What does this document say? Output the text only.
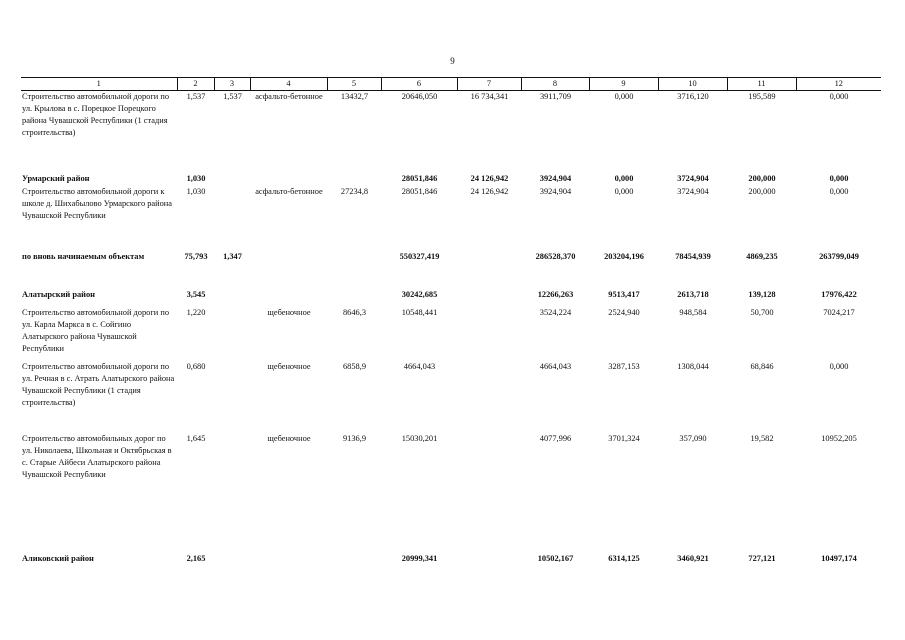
9
1	2	3	4	5	6	7	8	9	10	11	12
Строительство автомобильной дороги по ул. Крылова в с. Порецкое Порецкого района Чувашской Республики (1 стадия строительства)	1,537	1,537	асфальто-бетонное	13432,7	20646,050	16 734,341	3911,709	0,000	3716,120	195,589	0,000

Урмарский район	1,030				28051,846	24 126,942	3924,904	0,000	3724,904	200,000	0,000
Строительство автомобильной дороги к школе д. Шихабылово Урмарского района Чувашской Республики	1,030		асфальто-бетонное	27234,8	28051,846	24 126,942	3924,904	0,000	3724,904	200,000	0,000

по вновь начинаемым объектам	75,793	1,347			550327,419		286528,370	203204,196	78454,939	4869,235	263799,049

Алатырский район	3,545				30242,685		12266,263	9513,417	2613,718	139,128	17976,422
Строительство автомобильной дороги по ул. Карла Маркса в с. Сойгино Алатырского района Чувашской Республики	1,220		щебеночное	8646,3	10548,441		3524,224	2524,940	948,584	50,700	7024,217
Строительство автомобильной дороги по ул. Речная в с. Атрать Алатырского района Чувашской Республики (1 стадия строительства)	0,680		щебеночное	6858,9	4664,043		4664,043	3287,153	1308,044	68,846	0,000
Строительство автомобильных дорог по ул. Николаева, Школьная и Октябрьская в с. Старые Айбеси Алатырского района Чувашской Республики	1,645		щебеночное	9136,9	15030,201		4077,996	3701,324	357,090	19,582	10952,205
Аликовский район	2,165				20999,341		10502,167	6314,125	3460,921	727,121	10497,174
